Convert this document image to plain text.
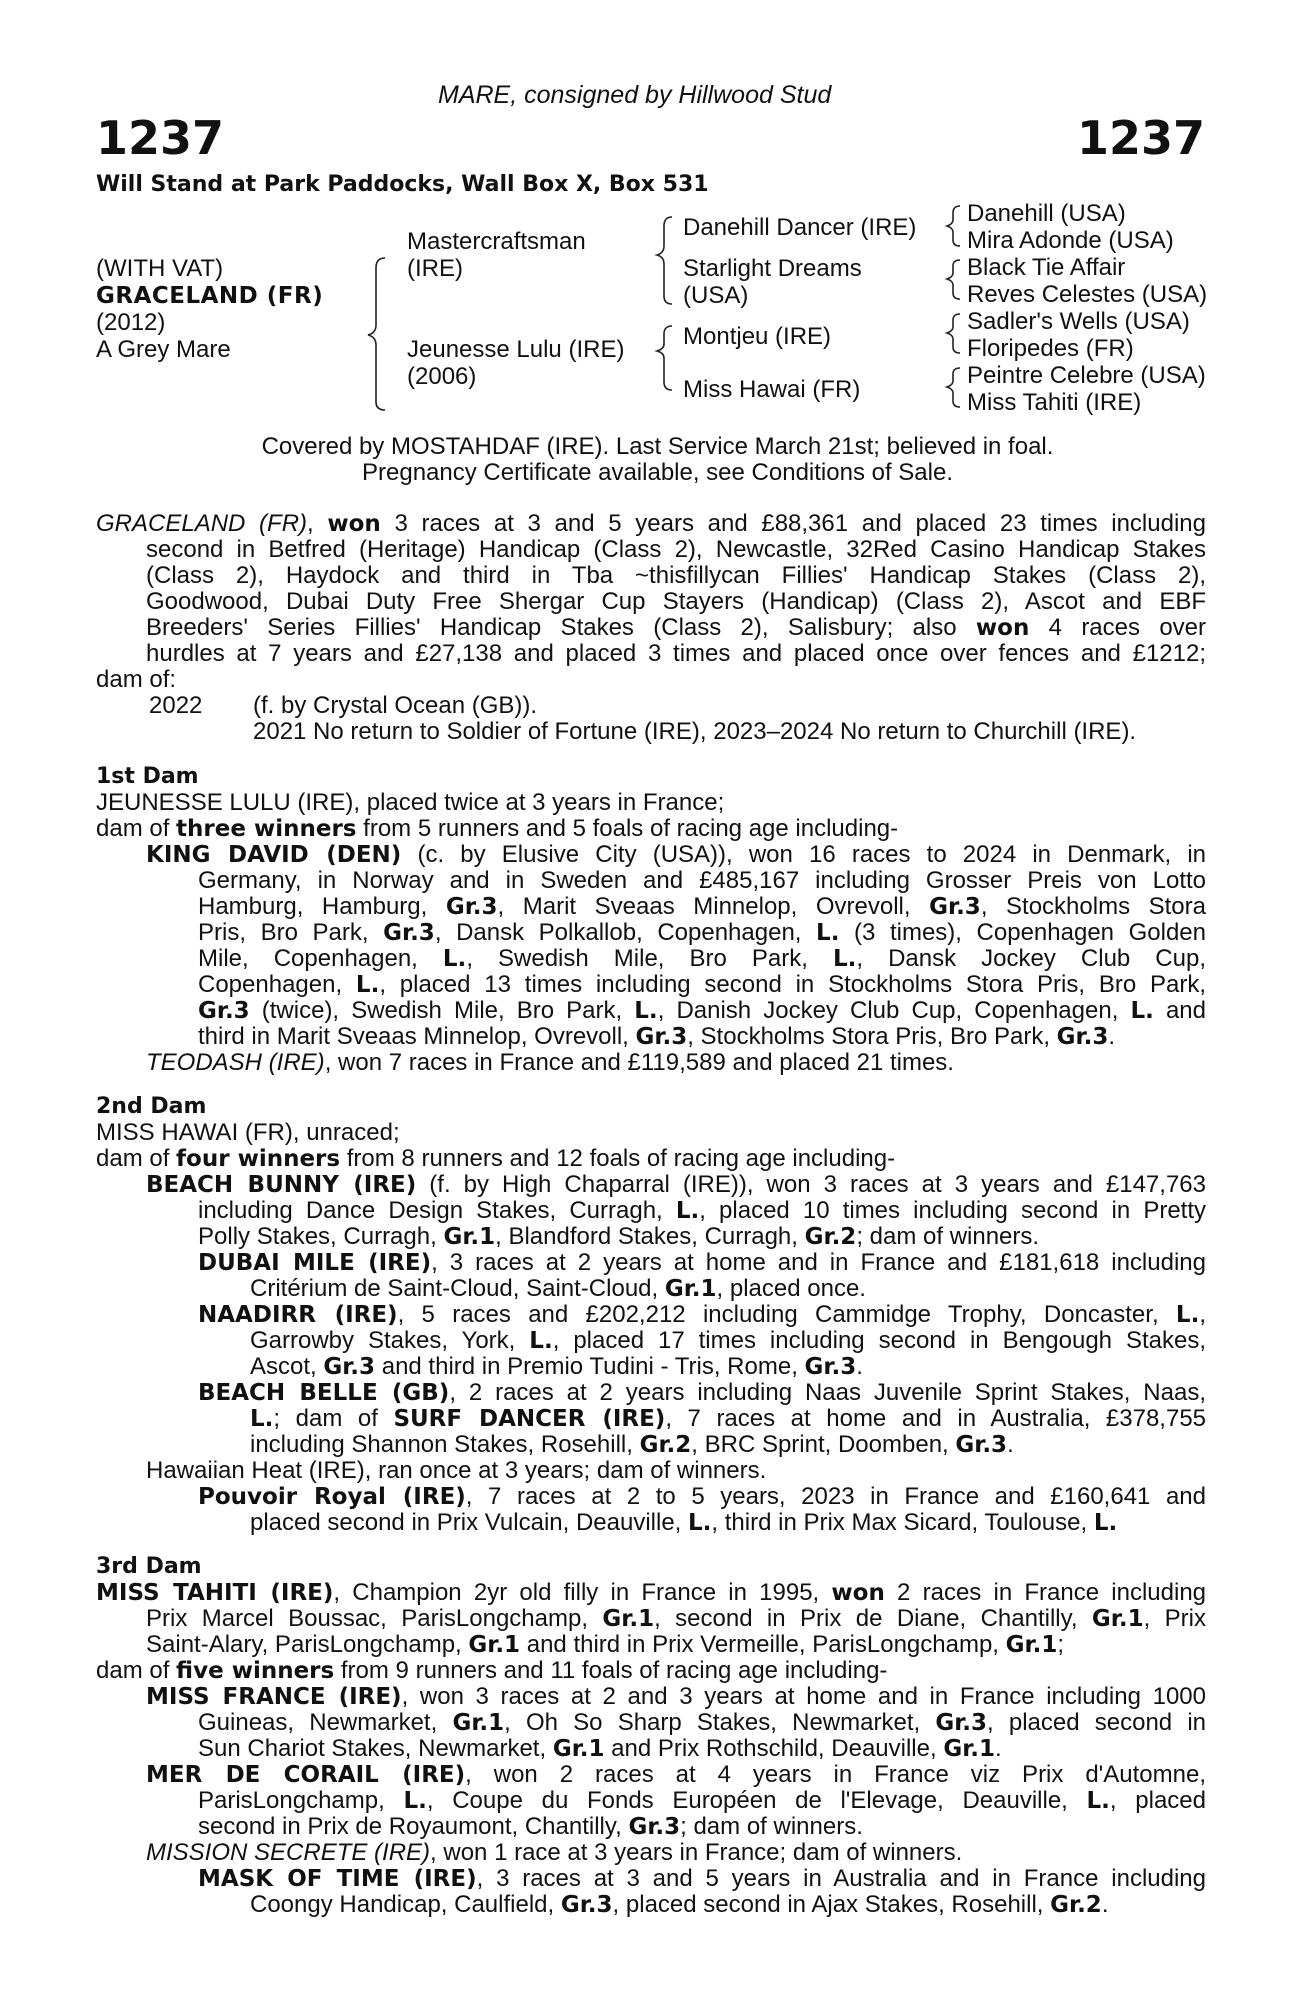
MARE, consigned by Hillwood Stud
1237	1237
Will Stand at Park Paddocks, Wall Box X, Box 531
(WITH VAT)
GRACELAND (FR)
(2012)
A Grey Mare
Mastercraftsman
(IRE)
Jeunesse Lulu (IRE)
(2006)
Danehill Dancer (IRE)
Starlight Dreams
(USA)
Montjeu (IRE)
Miss Hawai (FR)
Danehill (USA)
Mira Adonde (USA)
Black Tie Affair
Reves Celestes (USA)
Sadler's Wells (USA)
Floripedes (FR)
Peintre Celebre (USA)
Miss Tahiti (IRE)
Covered by MOSTAHDAF (IRE). Last Service March 21st; believed in foal.
Pregnancy Certificate available, see Conditions of Sale.
GRACELAND (FR), won 3 races at 3 and 5 years and £88,361 and placed 23 times including
second in Betfred (Heritage) Handicap (Class 2), Newcastle, 32Red Casino Handicap Stakes
(Class 2), Haydock and third in Tba ~thisfillycan Fillies' Handicap Stakes (Class 2),
Goodwood, Dubai Duty Free Shergar Cup Stayers (Handicap) (Class 2), Ascot and EBF
Breeders' Series Fillies' Handicap Stakes (Class 2), Salisbury; also won 4 races over
hurdles at 7 years and £27,138 and placed 3 times and placed once over fences and £1212;
dam of:
2022 (f. by Crystal Ocean (GB)).
2021 No return to Soldier of Fortune (IRE), 2023–2024 No return to Churchill (IRE).
1st Dam
JEUNESSE LULU (IRE), placed twice at 3 years in France;
dam of three winners from 5 runners and 5 foals of racing age including-
KING DAVID (DEN) (c. by Elusive City (USA)), won 16 races to 2024 in Denmark, in
Germany, in Norway and in Sweden and £485,167 including Grosser Preis von Lotto
Hamburg, Hamburg, Gr.3, Marit Sveaas Minnelop, Ovrevoll, Gr.3, Stockholms Stora
Pris, Bro Park, Gr.3, Dansk Polkallob, Copenhagen, L. (3 times), Copenhagen Golden
Mile, Copenhagen, L., Swedish Mile, Bro Park, L., Dansk Jockey Club Cup,
Copenhagen, L., placed 13 times including second in Stockholms Stora Pris, Bro Park,
Gr.3 (twice), Swedish Mile, Bro Park, L., Danish Jockey Club Cup, Copenhagen, L. and
third in Marit Sveaas Minnelop, Ovrevoll, Gr.3, Stockholms Stora Pris, Bro Park, Gr.3.
TEODASH (IRE), won 7 races in France and £119,589 and placed 21 times.
2nd Dam
MISS HAWAI (FR), unraced;
dam of four winners from 8 runners and 12 foals of racing age including-
BEACH BUNNY (IRE) (f. by High Chaparral (IRE)), won 3 races at 3 years and £147,763
including Dance Design Stakes, Curragh, L., placed 10 times including second in Pretty
Polly Stakes, Curragh, Gr.1, Blandford Stakes, Curragh, Gr.2; dam of winners.
DUBAI MILE (IRE), 3 races at 2 years at home and in France and £181,618 including
Critérium de Saint-Cloud, Saint-Cloud, Gr.1, placed once.
NAADIRR (IRE), 5 races and £202,212 including Cammidge Trophy, Doncaster, L.,
Garrowby Stakes, York, L., placed 17 times including second in Bengough Stakes,
Ascot, Gr.3 and third in Premio Tudini - Tris, Rome, Gr.3.
BEACH BELLE (GB), 2 races at 2 years including Naas Juvenile Sprint Stakes, Naas,
L.; dam of SURF DANCER (IRE), 7 races at home and in Australia, £378,755
including Shannon Stakes, Rosehill, Gr.2, BRC Sprint, Doomben, Gr.3.
Hawaiian Heat (IRE), ran once at 3 years; dam of winners.
Pouvoir Royal (IRE), 7 races at 2 to 5 years, 2023 in France and £160,641 and
placed second in Prix Vulcain, Deauville, L., third in Prix Max Sicard, Toulouse, L.
3rd Dam
MISS TAHITI (IRE), Champion 2yr old filly in France in 1995, won 2 races in France including
Prix Marcel Boussac, ParisLongchamp, Gr.1, second in Prix de Diane, Chantilly, Gr.1, Prix
Saint-Alary, ParisLongchamp, Gr.1 and third in Prix Vermeille, ParisLongchamp, Gr.1;
dam of five winners from 9 runners and 11 foals of racing age including-
MISS FRANCE (IRE), won 3 races at 2 and 3 years at home and in France including 1000
Guineas, Newmarket, Gr.1, Oh So Sharp Stakes, Newmarket, Gr.3, placed second in
Sun Chariot Stakes, Newmarket, Gr.1 and Prix Rothschild, Deauville, Gr.1.
MER DE CORAIL (IRE), won 2 races at 4 years in France viz Prix d'Automne,
ParisLongchamp, L., Coupe du Fonds Européen de l'Elevage, Deauville, L., placed
second in Prix de Royaumont, Chantilly, Gr.3; dam of winners.
MISSION SECRETE (IRE), won 1 race at 3 years in France; dam of winners.
MASK OF TIME (IRE), 3 races at 3 and 5 years in Australia and in France including
Coongy Handicap, Caulfield, Gr.3, placed second in Ajax Stakes, Rosehill, Gr.2.
